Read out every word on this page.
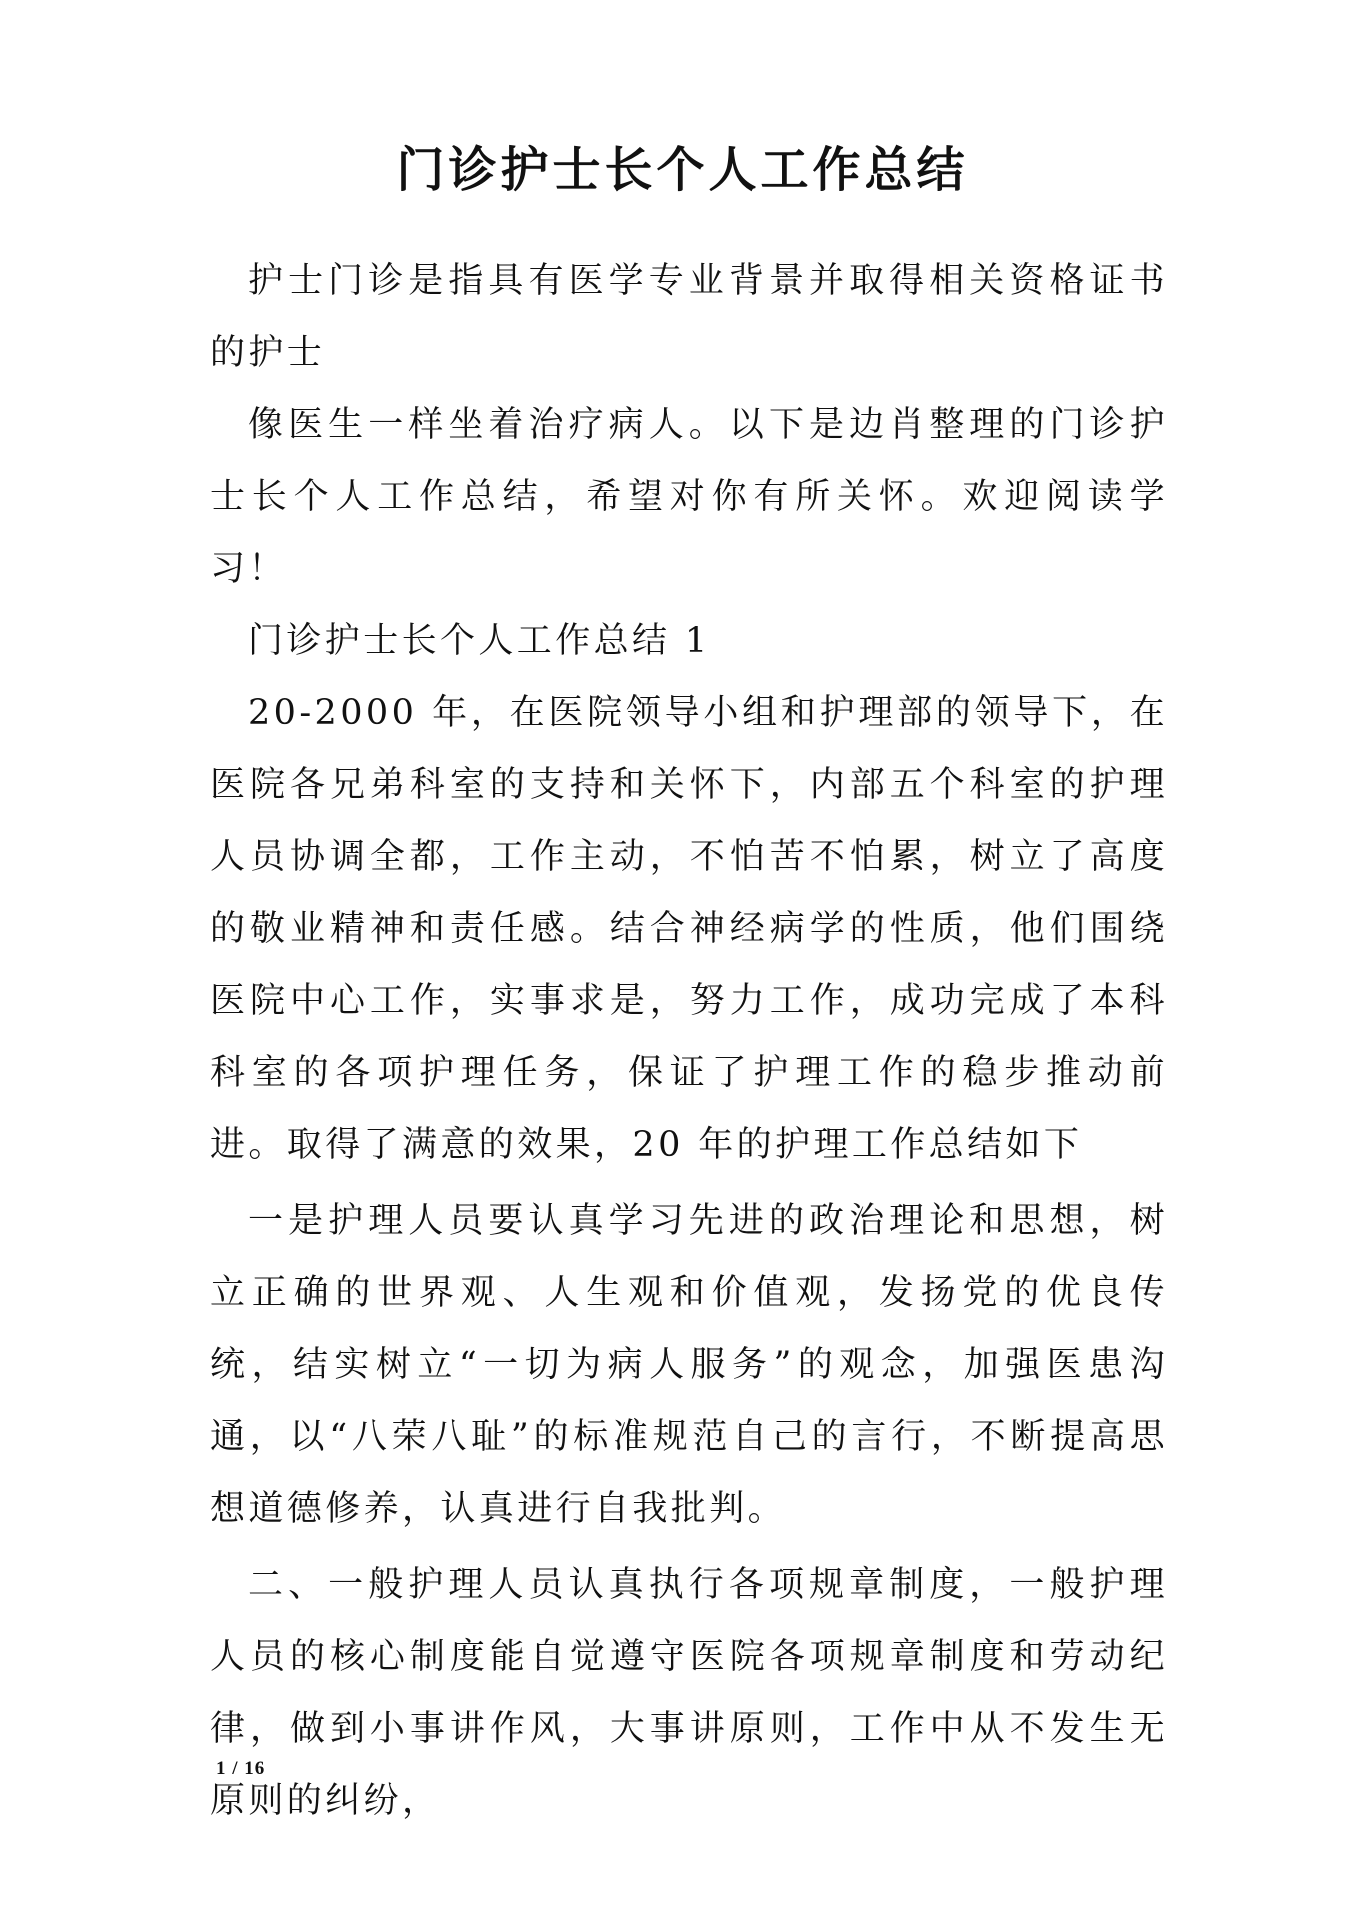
门诊护士长个人工作总结

护士门诊是指具有医学专业背景并取得相关资格证书的护士

像医生一样坐着治疗病人。以下是边肖整理的门诊护士长个人工作总结，希望对你有所关怀。欢迎阅读学习！

门诊护士长个人工作总结 1

20-2000 年，在医院领导小组和护理部的领导下，在医院各兄弟科室的支持和关怀下，内部五个科室的护理人员协调全都，工作主动，不怕苦不怕累，树立了高度的敬业精神和责任感。结合神经病学的性质，他们围绕医院中心工作，实事求是，努力工作，成功完成了本科科室的各项护理任务，保证了护理工作的稳步推动前进。取得了满意的效果，20 年的护理工作总结如下

一是护理人员要认真学习先进的政治理论和思想，树立正确的世界观、人生观和价值观，发扬党的优良传统，结实树立“一切为病人服务”的观念，加强医患沟通，以“八荣八耻”的标准规范自己的言行，不断提高思想道德修养，认真进行自我批判。

二、一般护理人员认真执行各项规章制度，一般护理人员的核心制度能自觉遵守医院各项规章制度和劳动纪律，做到小事讲作风，大事讲原则，工作中从不发生无原则的纠纷，

1 / 16
